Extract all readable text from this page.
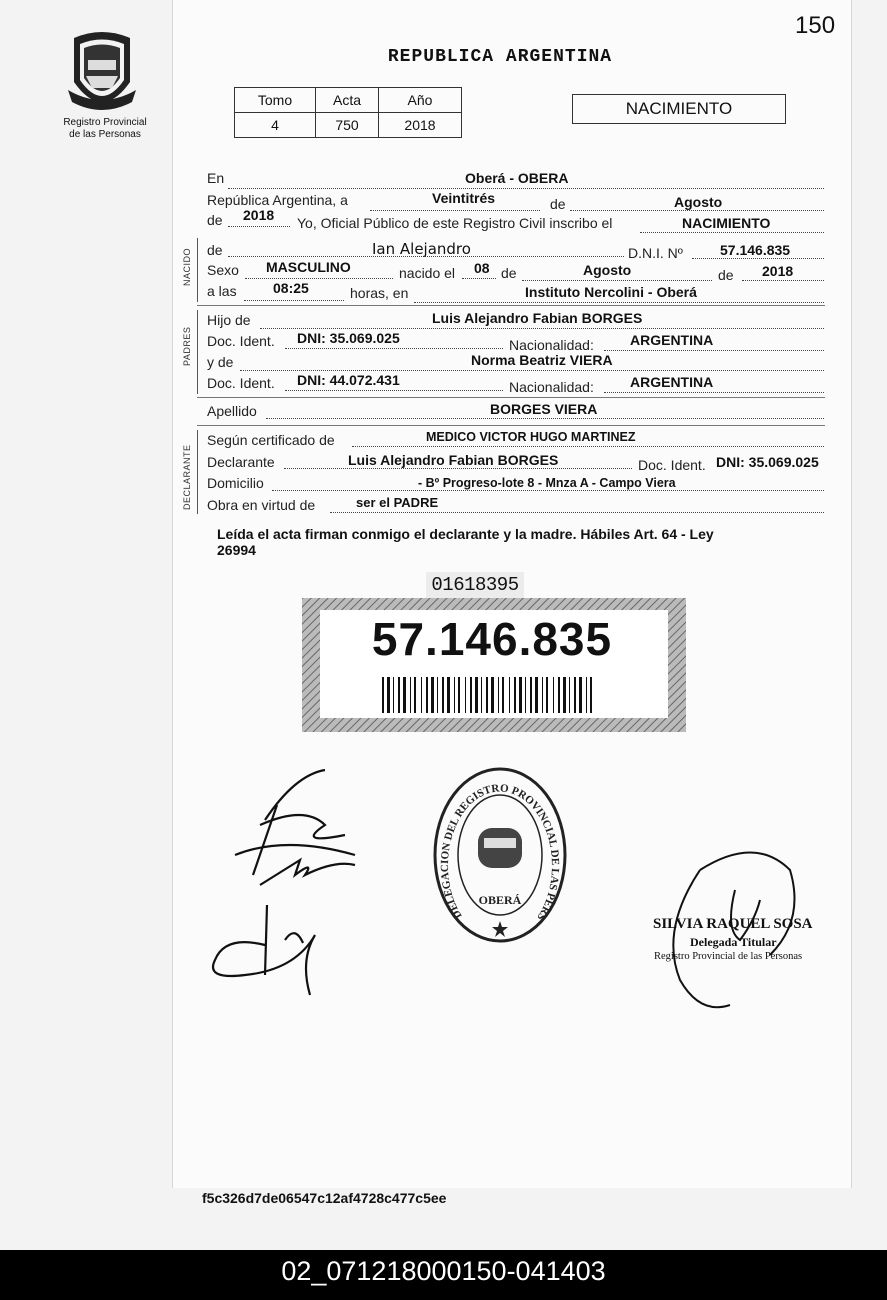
150
Registro Provincial
de las Personas
REPUBLICA ARGENTINA
Tomo	Acta	Año
4	750	2018
NACIMIENTO
En	Oberá - OBERA
República Argentina, a	Veintitrés	de	Agosto
de 2018 Yo, Oficial Público de este Registro Civil inscribo el	NACIMIENTO
NACIDO de	Ian Alejandro	D.N.I. Nº	57.146.835
Sexo MASCULINO	nacido el 08 de	Agosto	de 2018
a las	08:25	horas, en	Instituto Nercolini - Oberá
PADRES
Hijo de	Luis Alejandro Fabian BORGES
Doc. Ident. DNI: 35.069.025	Nacionalidad:	ARGENTINA
y de	Norma Beatriz VIERA
Doc. Ident. DNI: 44.072.431	Nacionalidad:	ARGENTINA
Apellido	BORGES VIERA
DECLARANTE
Según certificado de	MEDICO VICTOR HUGO MARTINEZ
Declarante	Luis Alejandro Fabian BORGES	Doc. Ident. DNI: 35.069.025
Domicilio	- Bº Progreso-lote 8 - Mnza A - Campo Viera
Obra en virtud de	ser el PADRE
Leída el acta firman conmigo el declarante y la madre. Hábiles Art. 64 - Ley
26994
01618395
57.146.835
DELEGACION DEL REGISTRO PROVINCIAL DE LAS PERS
OBERÁ
SILVIA RAQUEL SOSA
Delegada Titular
Registro Provincial de las Personas
f5c326d7de06547c12af4728c477c5ee
02_071218000150-041403
